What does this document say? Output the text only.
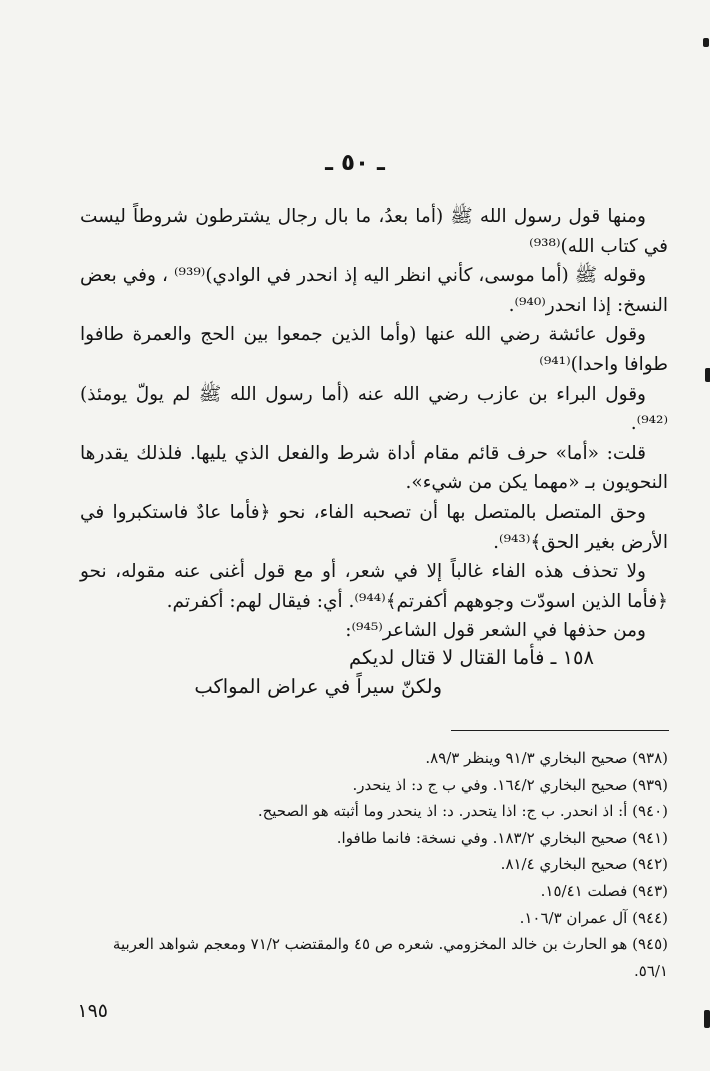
ـ ٥٠ ـ

ومنها قول رسول الله ﷺ (أما بعدُ، ما بال رجال يشترطون شروطاً ليست في كتاب الله)⁽⁹³⁸⁾

وقوله ﷺ (أما موسى، كأني انظر اليه إذ انحدر في الوادي)⁽⁹³⁹⁾ ، وفي بعض النسخ: إذا انحدر⁽⁹⁴⁰⁾.

وقول عائشة رضي الله عنها (وأما الذين جمعوا بين الحج والعمرة طافوا طوافا واحدا)⁽⁹⁴¹⁾

وقول البراء بن عازب رضي الله عنه (أما رسول الله ﷺ لم يولّ يومئذ)⁽⁹⁴²⁾.

قلت: «أما» حرف قائم مقام أداة شرط والفعل الذي يليها. فلذلك يقدرها النحويون بـ «مهما يكن من شيء».

وحق المتصل بالمتصل بها أن تصحبه الفاء، نحو ﴿فأما عادٌ فاستكبروا في الأرض بغير الحق﴾⁽⁹⁴³⁾.

ولا تحذف هذه الفاء غالباً إلا في شعر، أو مع قول أغنى عنه مقوله، نحو ﴿فأما الذين اسودّت وجوههم أكفرتم﴾⁽⁹⁴⁴⁾. أي: فيقال لهم: أكفرتم.

ومن حذفها في الشعر قول الشاعر⁽⁹⁴⁵⁾:

١٥٨ ـ فأما القتال لا قتال لديكم
ولكنّ سيراً في عراض المواكب

(٩٣٨) صحيح البخاري ٩١/٣ وينظر ٨٩/٣.

(٩٣٩) صحيح البخاري ١٦٤/٢. وفي ب ج د: اذ ينحدر.

(٩٤٠) أ: اذ انحدر. ب ج: اذا يتحدر. د: اذ ينحدر وما أثبته هو الصحيح.

(٩٤١) صحيح البخاري ١٨٣/٢. وفي نسخة: فانما طافوا.

(٩٤٢) صحيح البخاري ٨١/٤.

(٩٤٣) فصلت ١٥/٤١.

(٩٤٤) آل عمران ١٠٦/٣.

(٩٤٥) هو الحارث بن خالد المخزومي. شعره ص ٤٥ والمقتضب ٧١/٢ ومعجم شواهد العربية ٥٦/١.

١٩٥
